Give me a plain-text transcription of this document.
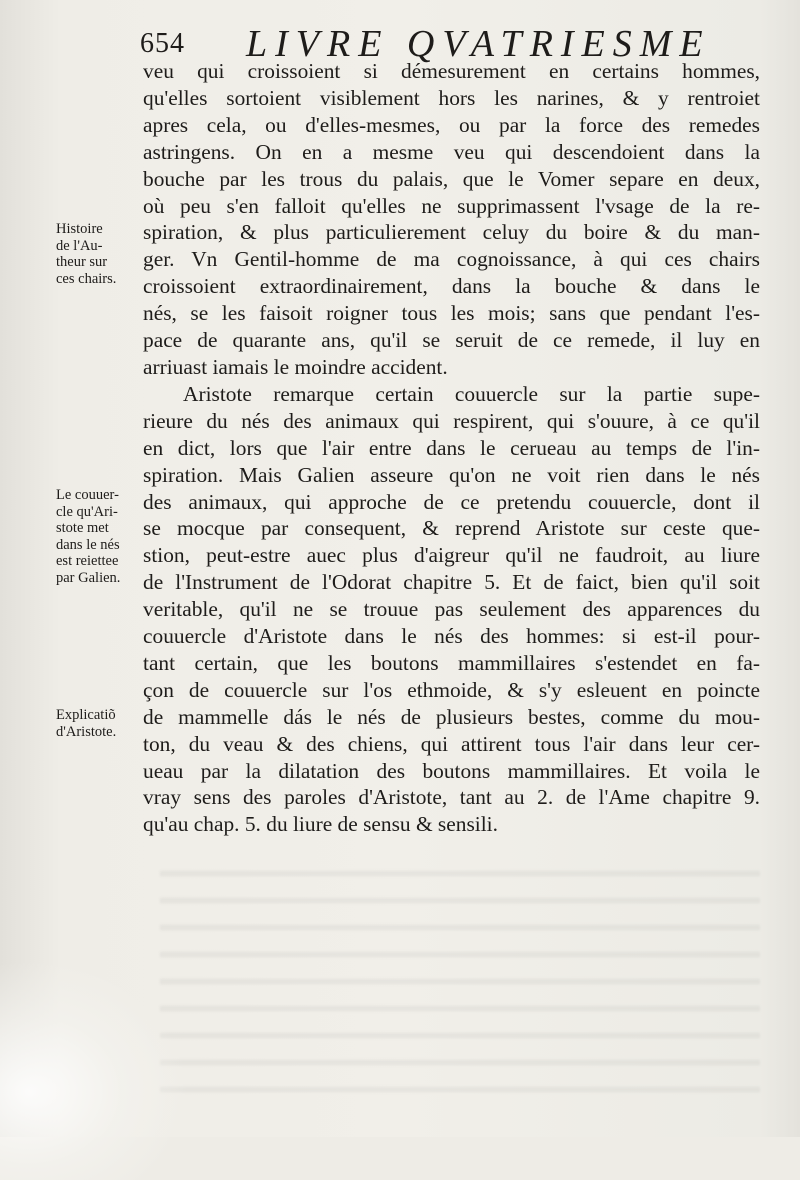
654 LIVRE QVATRIESME
veu qui croissoient si démesurement en certains hommes,
qu'elles sortoient visiblement hors les narines, & y rentroiet
apres cela, ou d'elles-mesmes, ou par la force des remedes
astringens. On en a mesme veu qui descendoient dans la
bouche par les trous du palais, que le Vomer separe en deux,
où peu s'en falloit qu'elles ne supprimassent l'vsage de la re-
spiration, & plus particulierement celuy du boire & du man-
ger. Vn Gentil-homme de ma cognoissance, à qui ces chairs
croissoient extraordinairement, dans la bouche & dans le
nés, se les faisoit roigner tous les mois; sans que pendant l'es-
pace de quarante ans, qu'il se seruit de ce remede, il luy en
arriuast iamais le moindre accident.
Aristote remarque certain couuercle sur la partie supe-
rieure du nés des animaux qui respirent, qui s'ouure, à ce qu'il
en dict, lors que l'air entre dans le cerueau au temps de l'in-
spiration. Mais Galien asseure qu'on ne voit rien dans le nés
des animaux, qui approche de ce pretendu couuercle, dont il
se mocque par consequent, & reprend Aristote sur ceste que-
stion, peut-estre auec plus d'aigreur qu'il ne faudroit, au liure
de l'Instrument de l'Odorat chapitre 5. Et de faict, bien qu'il soit
veritable, qu'il ne se trouue pas seulement des apparences du
couuercle d'Aristote dans le nés des hommes: si est-il pour-
tant certain, que les boutons mammillaires s'estendet en fa-
çon de couuercle sur l'os ethmoide, & s'y esleuent en poincte
de mammelle dás le nés de plusieurs bestes, comme du mou-
ton, du veau & des chiens, qui attirent tous l'air dans leur cer-
ueau par la dilatation des boutons mammillaires. Et voila le
vray sens des paroles d'Aristote, tant au 2. de l'Ame chapitre 9.
qu'au chap. 5. du liure de sensu & sensili.
Histoire
de l'Au-
theur sur
ces chairs.
Le couuer-
cle qu'Ari-
stote met
dans le nés
est reiettee
par Galien.
Explicatiõ
d'Aristote.
